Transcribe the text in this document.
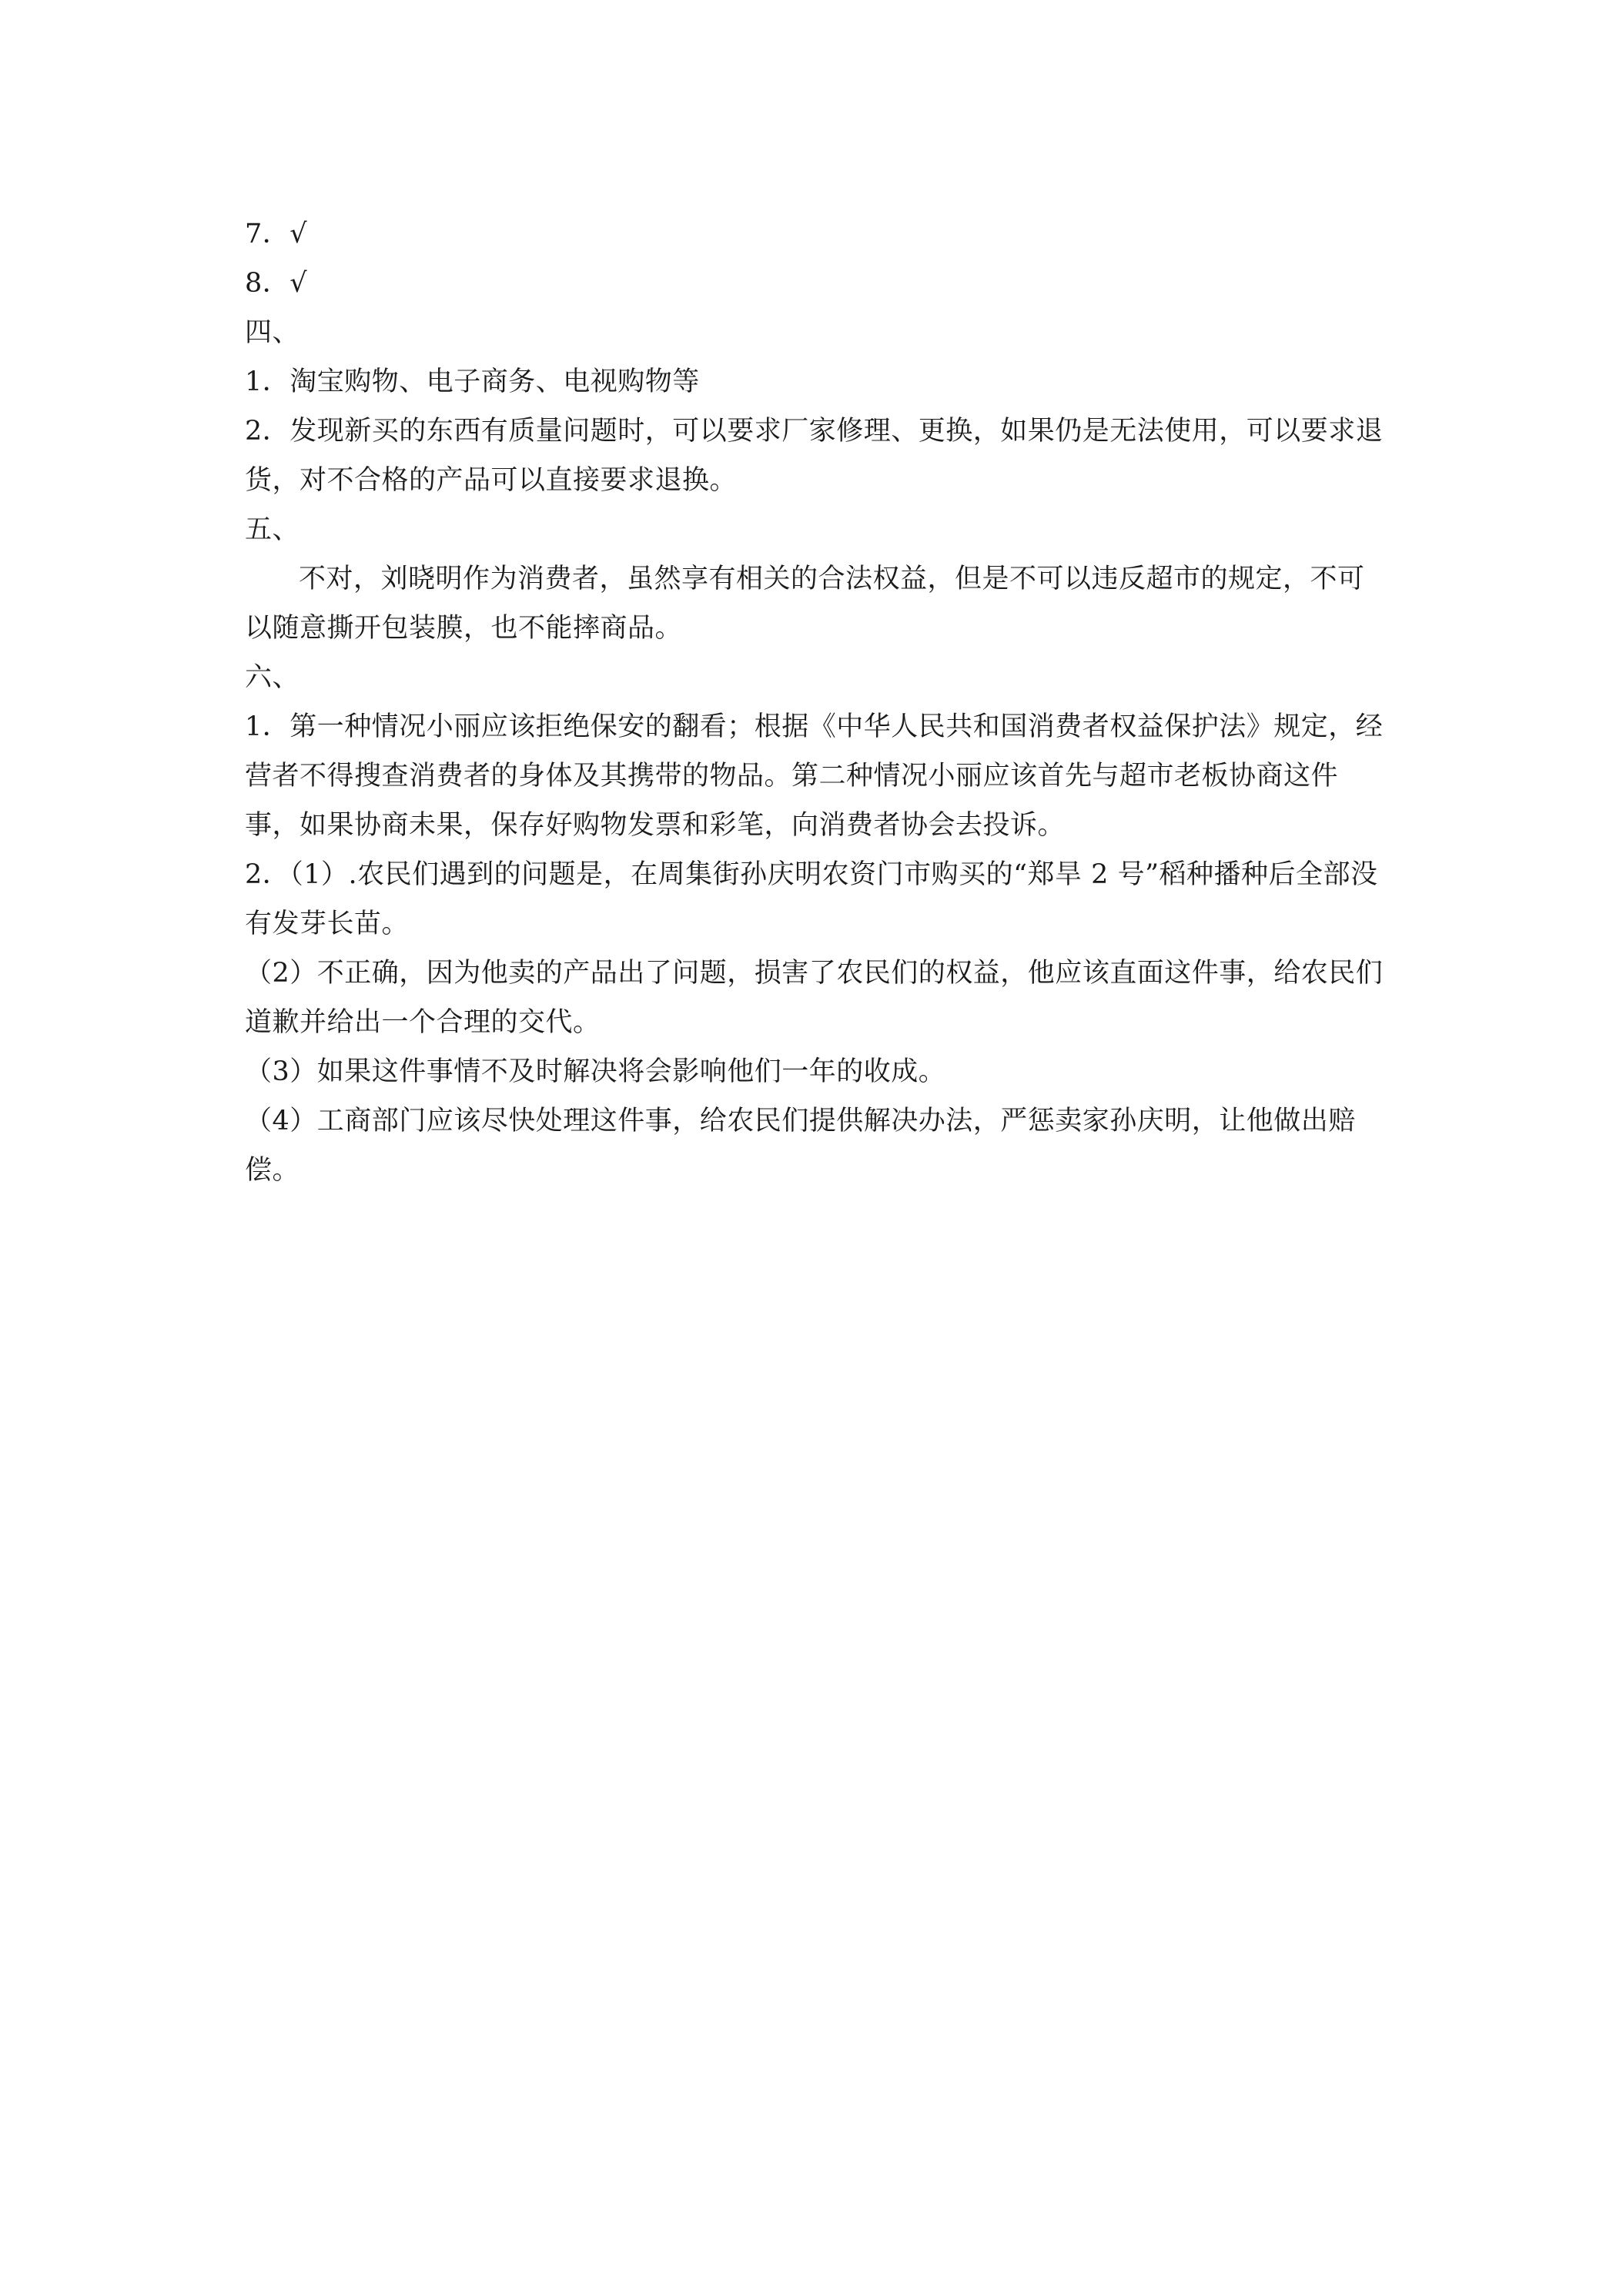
7．√

8．√

四、

1．淘宝购物、电子商务、电视购物等

2．发现新买的东西有质量问题时，可以要求厂家修理、更换，如果仍是无法使用，可以要求退货，对不合格的产品可以直接要求退换。

五、

不对，刘晓明作为消费者，虽然享有相关的合法权益，但是不可以违反超市的规定，不可以随意撕开包装膜，也不能摔商品。

六、

1．第一种情况小丽应该拒绝保安的翻看；根据《中华人民共和国消费者权益保护法》规定，经营者不得搜查消费者的身体及其携带的物品。第二种情况小丽应该首先与超市老板协商这件事，如果协商未果，保存好购物发票和彩笔，向消费者协会去投诉。

2．（1）.农民们遇到的问题是，在周集街孙庆明农资门市购买的“郑旱 2 号”稻种播种后全部没有发芽长苗。

（2）不正确，因为他卖的产品出了问题，损害了农民们的权益，他应该直面这件事，给农民们道歉并给出一个合理的交代。

（3）如果这件事情不及时解决将会影响他们一年的收成。

（4）工商部门应该尽快处理这件事，给农民们提供解决办法，严惩卖家孙庆明，让他做出赔偿。
